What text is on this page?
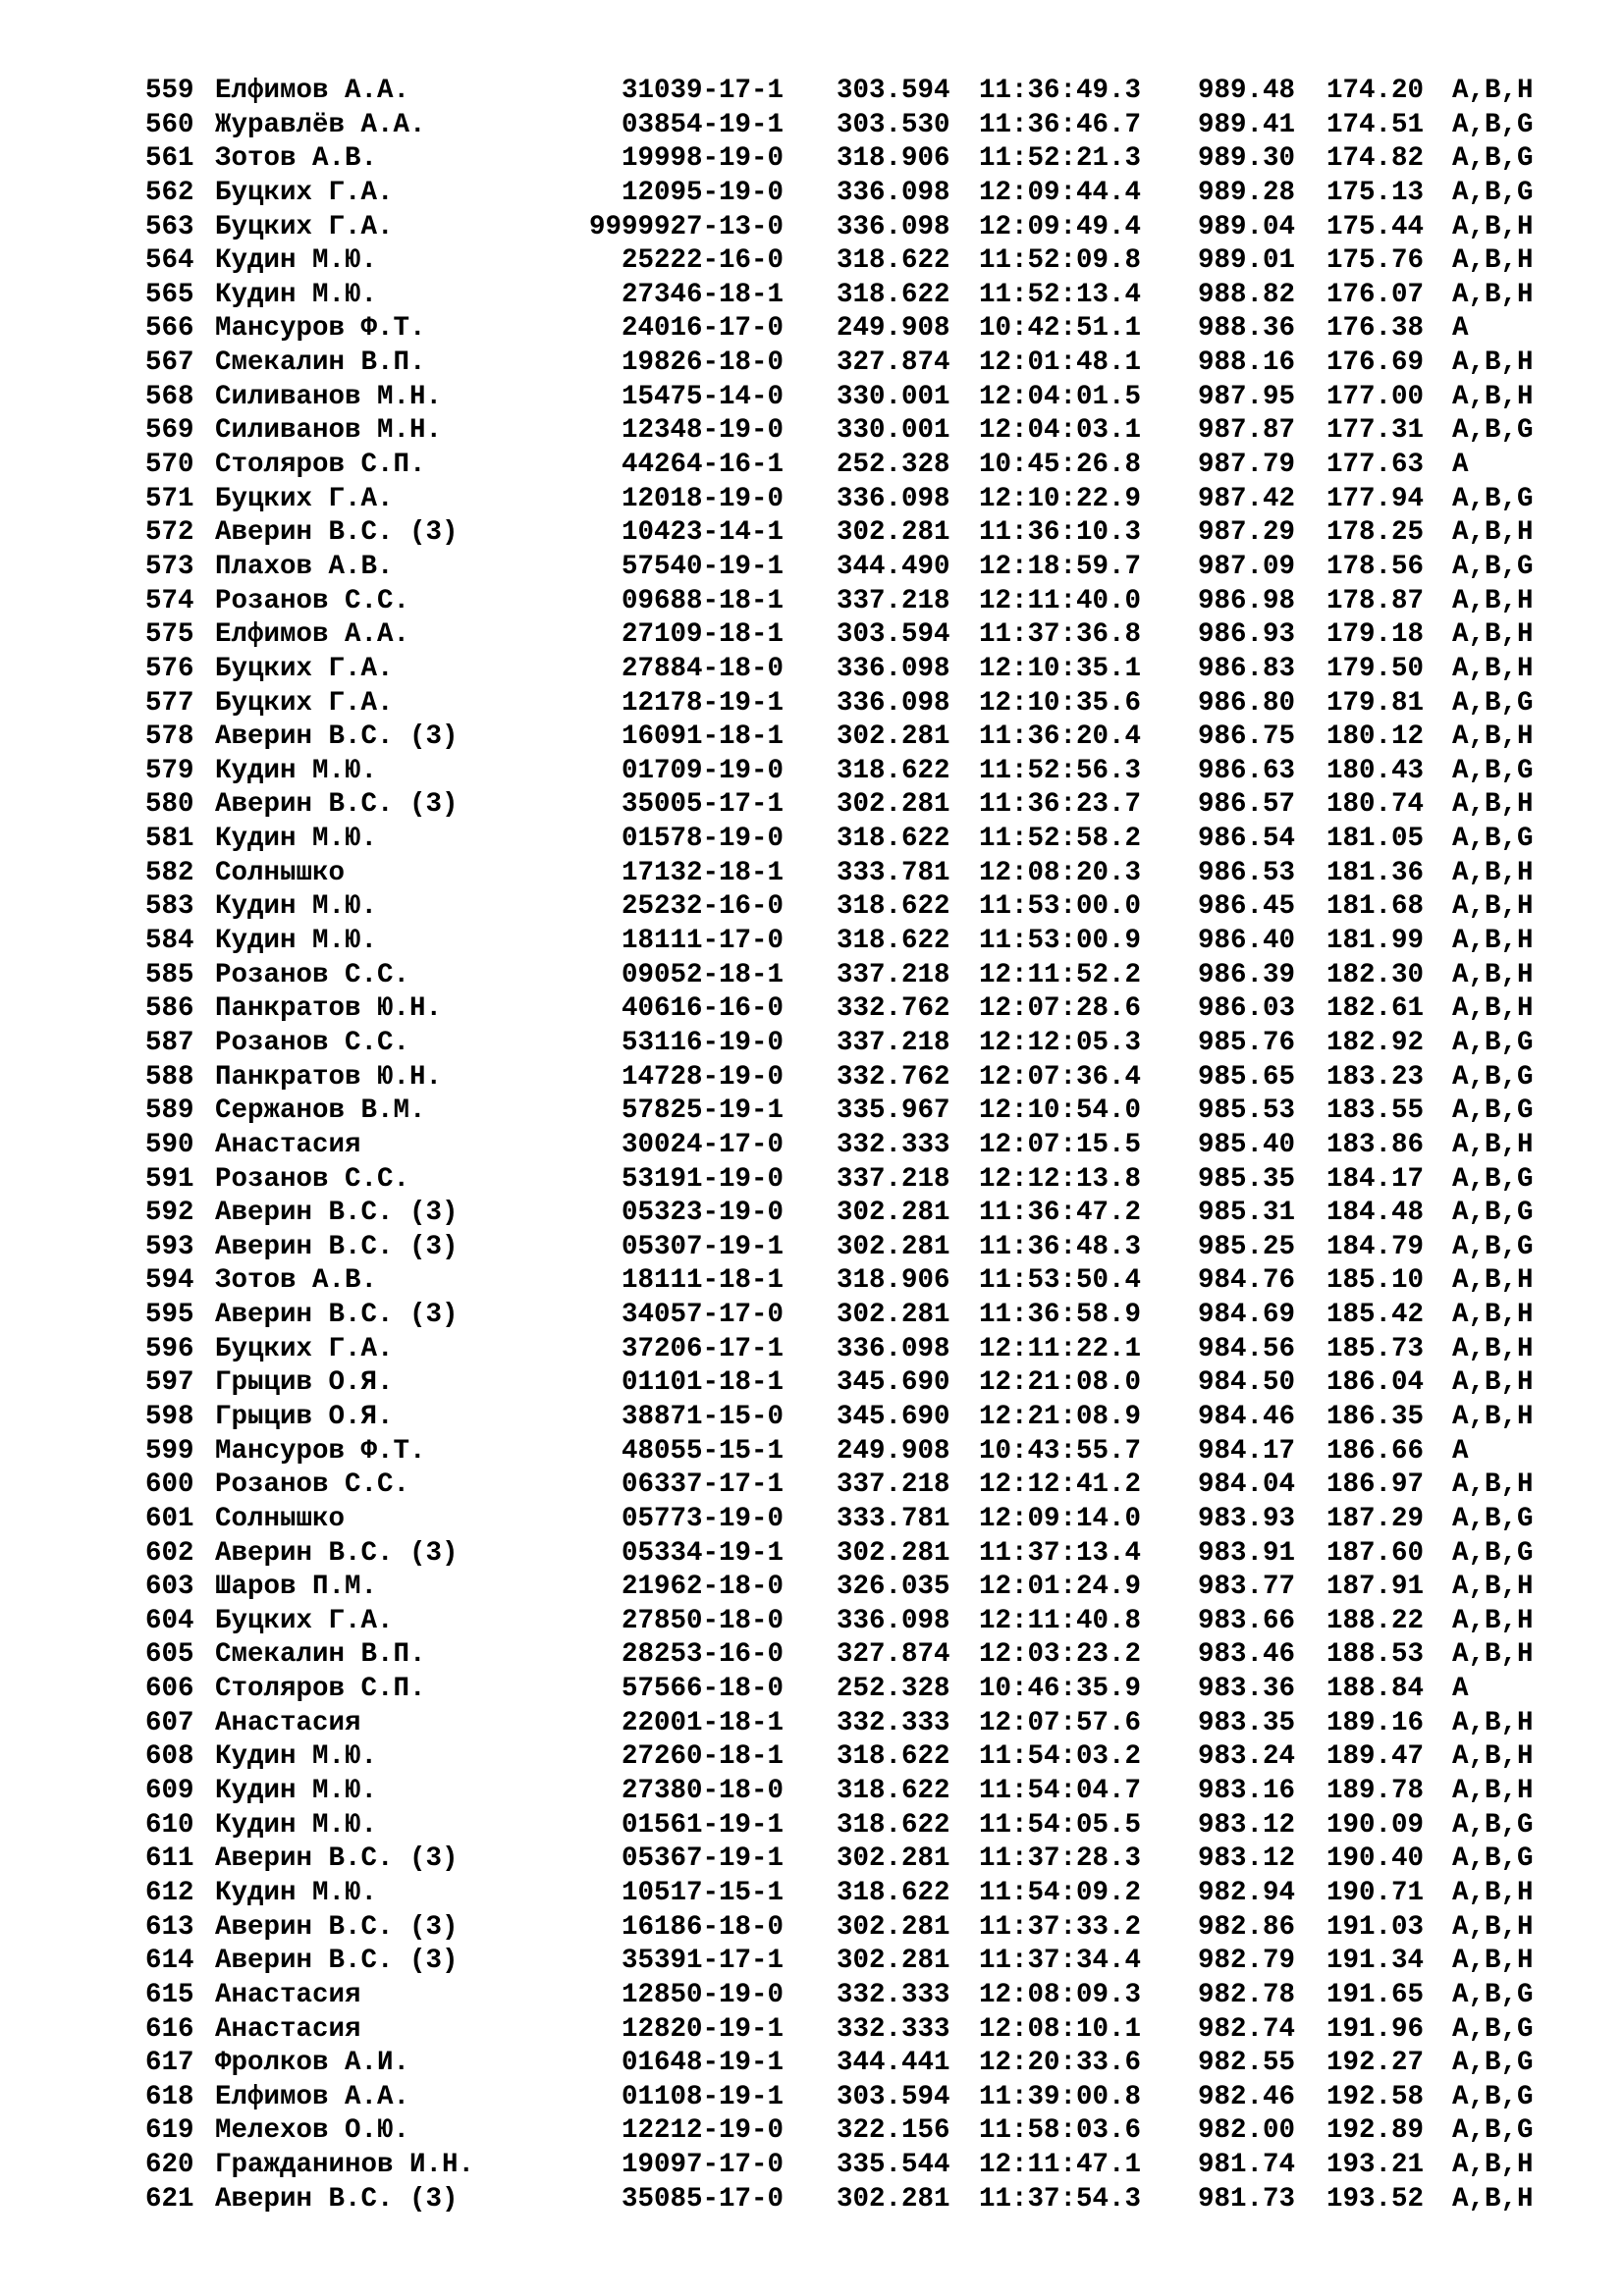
559 Елфимов А.А.	31039-17-1 303.594 11:36:49.3 989.48 174.20 A,B,H
560 Журавлёв А.А.	03854-19-1 303.530 11:36:46.7 989.41 174.51 A,B,G
561 Зотов А.В.	19998-19-0 318.906 11:52:21.3 989.30 174.82 A,B,G
562 Буцких Г.А.	12095-19-0 336.098 12:09:44.4 989.28 175.13 A,B,G
563 Буцких Г.А.	9999927-13-0 336.098 12:09:49.4 989.04 175.44 A,B,H
564 Кудин М.Ю.	25222-16-0 318.622 11:52:09.8 989.01 175.76 A,B,H
565 Кудин М.Ю.	27346-18-1 318.622 11:52:13.4 988.82 176.07 A,B,H
566 Мансуров Ф.Т.	24016-17-0 249.908 10:42:51.1 988.36 176.38 A
567 Смекалин В.П.	19826-18-0 327.874 12:01:48.1 988.16 176.69 A,B,H
568 Силиванов М.Н.	15475-14-0 330.001 12:04:01.5 987.95 177.00 A,B,H
569 Силиванов М.Н.	12348-19-0 330.001 12:04:03.1 987.87 177.31 A,B,G
570 Столяров С.П.	44264-16-1 252.328 10:45:26.8 987.79 177.63 A
571 Буцких Г.А.	12018-19-0 336.098 12:10:22.9 987.42 177.94 A,B,G
572 Аверин В.С. (3)	10423-14-1 302.281 11:36:10.3 987.29 178.25 A,B,H
573 Плахов А.В.	57540-19-1 344.490 12:18:59.7 987.09 178.56 A,B,G
574 Розанов С.С.	09688-18-1 337.218 12:11:40.0 986.98 178.87 A,B,H
575 Елфимов А.А.	27109-18-1 303.594 11:37:36.8 986.93 179.18 A,B,H
576 Буцких Г.А.	27884-18-0 336.098 12:10:35.1 986.83 179.50 A,B,H
577 Буцких Г.А.	12178-19-1 336.098 12:10:35.6 986.80 179.81 A,B,G
578 Аверин В.С. (3)	16091-18-1 302.281 11:36:20.4 986.75 180.12 A,B,H
579 Кудин М.Ю.	01709-19-0 318.622 11:52:56.3 986.63 180.43 A,B,G
580 Аверин В.С. (3)	35005-17-1 302.281 11:36:23.7 986.57 180.74 A,B,H
581 Кудин М.Ю.	01578-19-0 318.622 11:52:58.2 986.54 181.05 A,B,G
582 Солнышко	17132-18-1 333.781 12:08:20.3 986.53 181.36 A,B,H
583 Кудин М.Ю.	25232-16-0 318.622 11:53:00.0 986.45 181.68 A,B,H
584 Кудин М.Ю.	18111-17-0 318.622 11:53:00.9 986.40 181.99 A,B,H
585 Розанов С.С.	09052-18-1 337.218 12:11:52.2 986.39 182.30 A,B,H
586 Панкратов Ю.Н.	40616-16-0 332.762 12:07:28.6 986.03 182.61 A,B,H
587 Розанов С.С.	53116-19-0 337.218 12:12:05.3 985.76 182.92 A,B,G
588 Панкратов Ю.Н.	14728-19-0 332.762 12:07:36.4 985.65 183.23 A,B,G
589 Сержанов В.М.	57825-19-1 335.967 12:10:54.0 985.53 183.55 A,B,G
590 Анастасия	30024-17-0 332.333 12:07:15.5 985.40 183.86 A,B,H
591 Розанов С.С.	53191-19-0 337.218 12:12:13.8 985.35 184.17 A,B,G
592 Аверин В.С. (3)	05323-19-0 302.281 11:36:47.2 985.31 184.48 A,B,G
593 Аверин В.С. (3)	05307-19-1 302.281 11:36:48.3 985.25 184.79 A,B,G
594 Зотов А.В.	18111-18-1 318.906 11:53:50.4 984.76 185.10 A,B,H
595 Аверин В.С. (3)	34057-17-0 302.281 11:36:58.9 984.69 185.42 A,B,H
596 Буцких Г.А.	37206-17-1 336.098 12:11:22.1 984.56 185.73 A,B,H
597 Грыцив О.Я.	01101-18-1 345.690 12:21:08.0 984.50 186.04 A,B,H
598 Грыцив О.Я.	38871-15-0 345.690 12:21:08.9 984.46 186.35 A,B,H
599 Мансуров Ф.Т.	48055-15-1 249.908 10:43:55.7 984.17 186.66 A
600 Розанов С.С.	06337-17-1 337.218 12:12:41.2 984.04 186.97 A,B,H
601 Солнышко	05773-19-0 333.781 12:09:14.0 983.93 187.29 A,B,G
602 Аверин В.С. (3)	05334-19-1 302.281 11:37:13.4 983.91 187.60 A,B,G
603 Шаров П.М.	21962-18-0 326.035 12:01:24.9 983.77 187.91 A,B,H
604 Буцких Г.А.	27850-18-0 336.098 12:11:40.8 983.66 188.22 A,B,H
605 Смекалин В.П.	28253-16-0 327.874 12:03:23.2 983.46 188.53 A,B,H
606 Столяров С.П.	57566-18-0 252.328 10:46:35.9 983.36 188.84 A
607 Анастасия	22001-18-1 332.333 12:07:57.6 983.35 189.16 A,B,H
608 Кудин М.Ю.	27260-18-1 318.622 11:54:03.2 983.24 189.47 A,B,H
609 Кудин М.Ю.	27380-18-0 318.622 11:54:04.7 983.16 189.78 A,B,H
610 Кудин М.Ю.	01561-19-1 318.622 11:54:05.5 983.12 190.09 A,B,G
611 Аверин В.С. (3)	05367-19-1 302.281 11:37:28.3 983.12 190.40 A,B,G
612 Кудин М.Ю.	10517-15-1 318.622 11:54:09.2 982.94 190.71 A,B,H
613 Аверин В.С. (3)	16186-18-0 302.281 11:37:33.2 982.86 191.03 A,B,H
614 Аверин В.С. (3)	35391-17-1 302.281 11:37:34.4 982.79 191.34 A,B,H
615 Анастасия	12850-19-0 332.333 12:08:09.3 982.78 191.65 A,B,G
616 Анастасия	12820-19-1 332.333 12:08:10.1 982.74 191.96 A,B,G
617 Фролков А.И.	01648-19-1 344.441 12:20:33.6 982.55 192.27 A,B,G
618 Елфимов А.А.	01108-19-1 303.594 11:39:00.8 982.46 192.58 A,B,G
619 Мелехов О.Ю.	12212-19-0 322.156 11:58:03.6 982.00 192.89 A,B,G
620 Гражданинов И.Н.	19097-17-0 335.544 12:11:47.1 981.74 193.21 A,B,H
621 Аверин В.С. (3)	35085-17-0 302.281 11:37:54.3 981.73 193.52 A,B,H
